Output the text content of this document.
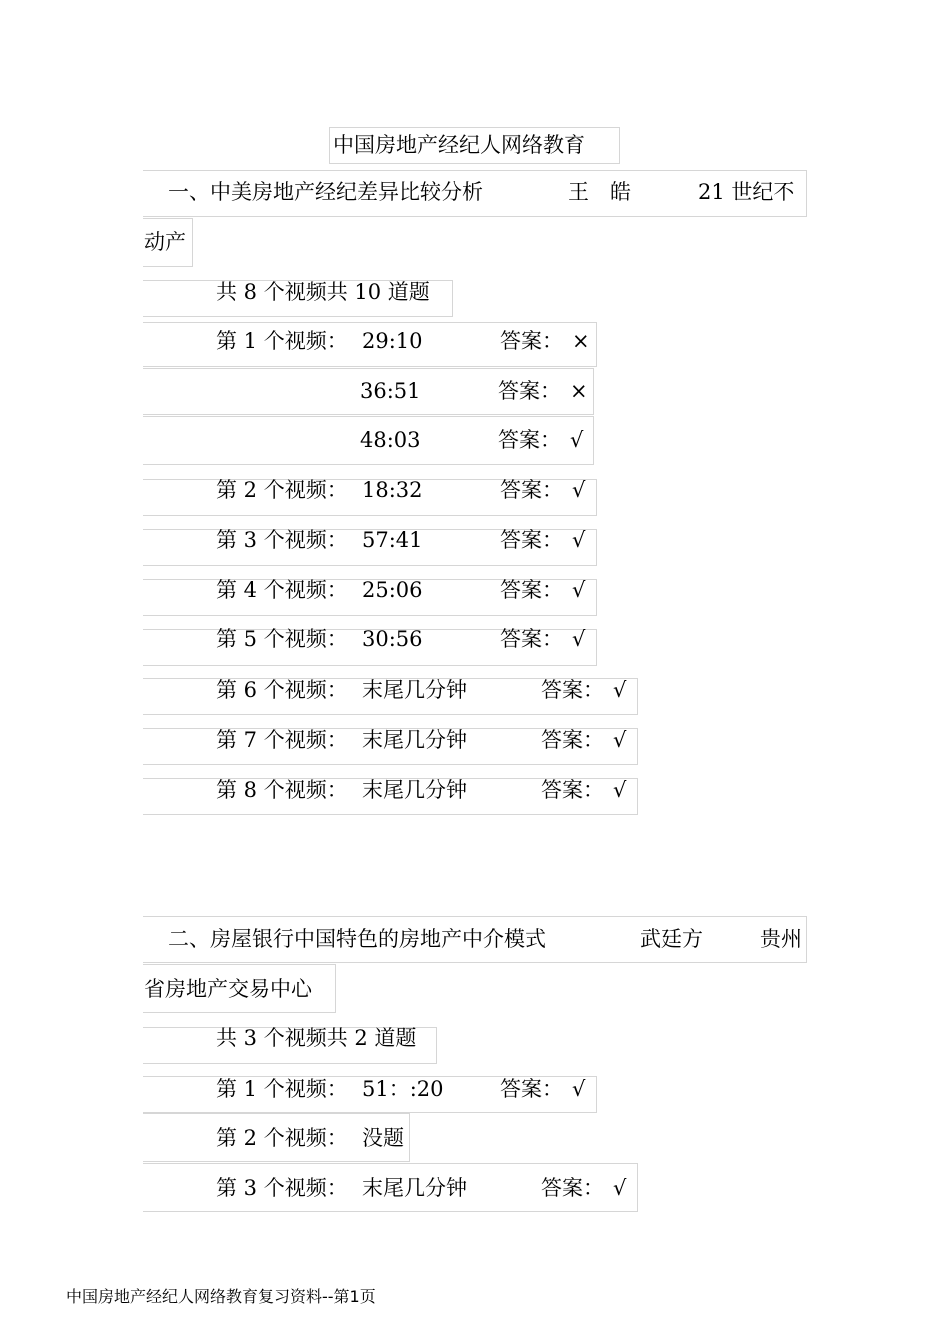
中国房地产经纪人网络教育
一、中美房地产经纪差异比较分析	王　皓	21 世纪不
动产
共 8 个视频共 10 道题
第 1 个视频： 29:10	答案： ×
36:51	答案： ×
48:03	答案： √
第 2 个视频： 18:32	答案： √
第 3 个视频： 57:41	答案： √
第 4 个视频： 25:06	答案： √
第 5 个视频： 30:56	答案： √
第 6 个视频： 末尾几分钟	答案： √
第 7 个视频： 末尾几分钟	答案： √
第 8 个视频： 末尾几分钟	答案： √
二、房屋银行中国特色的房地产中介模式	武廷方	贵州
省房地产交易中心
共 3 个视频共 2 道题
第 1 个视频： 51：:20	答案： √
第 2 个视频： 没题
第 3 个视频： 末尾几分钟	答案： √
中国房地产经纪人网络教育复习资料--第1页
